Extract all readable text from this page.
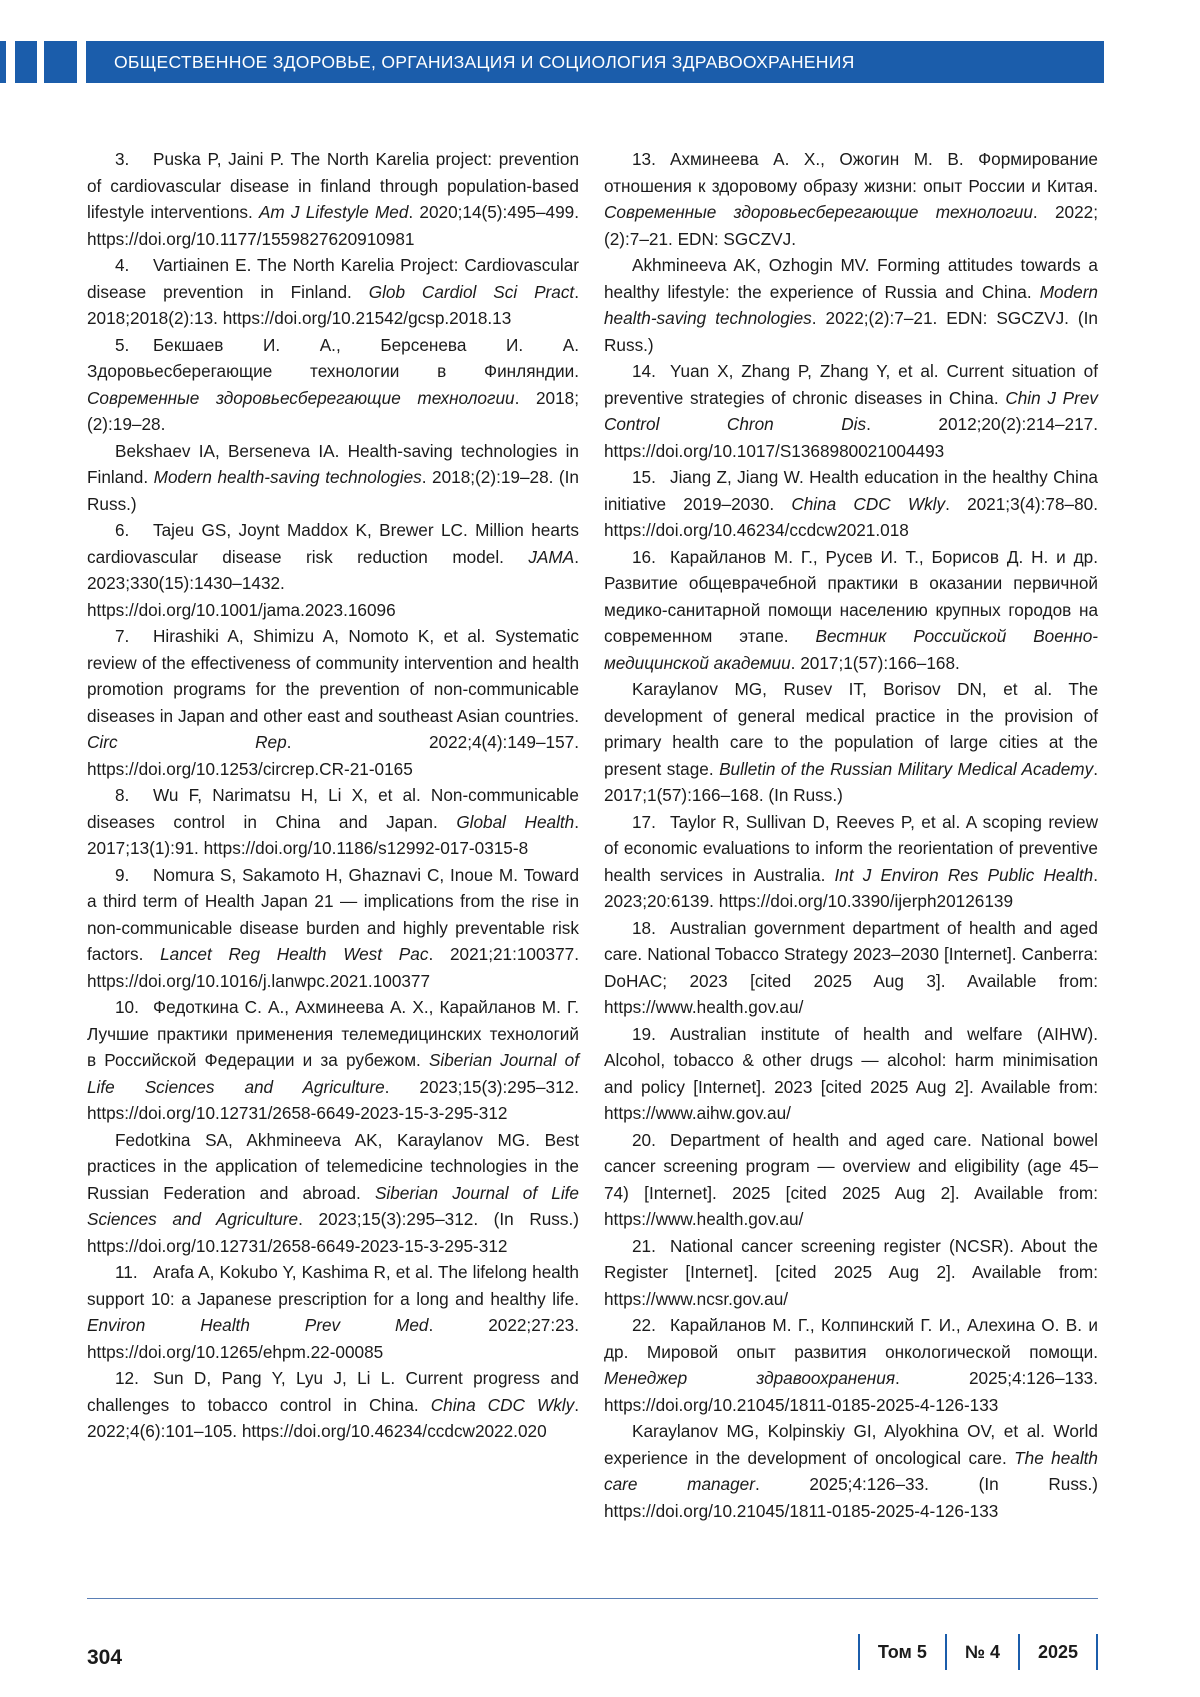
ОБЩЕСТВЕННОЕ ЗДОРОВЬЕ, ОРГАНИЗАЦИЯ И СОЦИОЛОГИЯ ЗДРАВООХРАНЕНИЯ

3. Puska P, Jaini P. The North Karelia project: prevention of cardiovascular disease in finland through population-based lifestyle interventions. Am J Lifestyle Med. 2020;14(5):495–499. https://doi.org/10.1177/1559827620910981

4. Vartiainen E. The North Karelia Project: Cardiovascular disease prevention in Finland. Glob Cardiol Sci Pract. 2018;2018(2):13. https://doi.org/10.21542/gcsp.2018.13

5. Бекшаев И. А., Берсенева И. А. Здоровьесберегающие технологии в Финляндии. Современные здоровьесберегающие технологии. 2018;(2):19–28.

Bekshaev IA, Berseneva IA. Health-saving technologies in Finland. Modern health-saving technologies. 2018;(2):19–28. (In Russ.)

6. Tajeu GS, Joynt Maddox K, Brewer LC. Million hearts cardiovascular disease risk reduction model. JAMA. 2023;330(15):1430–1432. https://doi.org/10.1001/jama.2023.16096

7. Hirashiki A, Shimizu A, Nomoto K, et al. Systematic review of the effectiveness of community intervention and health promotion programs for the prevention of non-communicable diseases in Japan and other east and southeast Asian countries. Circ Rep. 2022;4(4):149–157. https://doi.org/10.1253/circrep.CR-21-0165

8. Wu F, Narimatsu H, Li X, et al. Non-communicable diseases control in China and Japan. Global Health. 2017;13(1):91. https://doi.org/10.1186/s12992-017-0315-8

9. Nomura S, Sakamoto H, Ghaznavi C, Inoue M. Toward a third term of Health Japan 21 — implications from the rise in non-communicable disease burden and highly preventable risk factors. Lancet Reg Health West Pac. 2021;21:100377. https://doi.org/10.1016/j.lanwpc.2021.100377

10. Федоткина С. А., Ахминеева А. Х., Карайланов М. Г. Лучшие практики применения телемедицинских технологий в Российской Федерации и за рубежом. Siberian Journal of Life Sciences and Agriculture. 2023;15(3):295–312. https://doi.org/10.12731/2658-6649-2023-15-3-295-312

Fedotkina SA, Akhmineeva AK, Karaylanov MG. Best practices in the application of telemedicine technologies in the Russian Federation and abroad. Siberian Journal of Life Sciences and Agriculture. 2023;15(3):295–312. (In Russ.) https://doi.org/10.12731/2658-6649-2023-15-3-295-312

11. Arafa A, Kokubo Y, Kashima R, et al. The lifelong health support 10: a Japanese prescription for a long and healthy life. Environ Health Prev Med. 2022;27:23. https://doi.org/10.1265/ehpm.22-00085

12. Sun D, Pang Y, Lyu J, Li L. Current progress and challenges to tobacco control in China. China CDC Wkly. 2022;4(6):101–105. https://doi.org/10.46234/ccdcw2022.020

13. Ахминеева А. Х., Ожогин М. В. Формирование отношения к здоровому образу жизни: опыт России и Китая. Современные здоровьесберегающие технологии. 2022;(2):7–21. EDN: SGCZVJ.

Akhmineeva AK, Ozhogin MV. Forming attitudes towards a healthy lifestyle: the experience of Russia and China. Modern health-saving technologies. 2022;(2):7–21. EDN: SGCZVJ. (In Russ.)

14. Yuan X, Zhang P, Zhang Y, et al. Current situation of preventive strategies of chronic diseases in China. Chin J Prev Control Chron Dis. 2012;20(2):214–217. https://doi.org/10.1017/S1368980021004493

15. Jiang Z, Jiang W. Health education in the healthy China initiative 2019–2030. China CDC Wkly. 2021;3(4):78–80. https://doi.org/10.46234/ccdcw2021.018

16. Карайланов М. Г., Русев И. Т., Борисов Д. Н. и др. Развитие общеврачебной практики в оказании первичной медико-санитарной помощи населению крупных городов на современном этапе. Вестник Российской Военно-медицинской академии. 2017;1(57):166–168.

Karaylanov MG, Rusev IT, Borisov DN, et al. The development of general medical practice in the provision of primary health care to the population of large cities at the present stage. Bulletin of the Russian Military Medical Academy. 2017;1(57):166–168. (In Russ.)

17. Taylor R, Sullivan D, Reeves P, et al. A scoping review of economic evaluations to inform the reorientation of preventive health services in Australia. Int J Environ Res Public Health. 2023;20:6139. https://doi.org/10.3390/ijerph20126139

18. Australian government department of health and aged care. National Tobacco Strategy 2023–2030 [Internet]. Canberra: DoHAC; 2023 [cited 2025 Aug 3]. Available from: https://www.health.gov.au/

19. Australian institute of health and welfare (AIHW). Alcohol, tobacco & other drugs — alcohol: harm minimisation and policy [Internet]. 2023 [cited 2025 Aug 2]. Available from: https://www.aihw.gov.au/

20. Department of health and aged care. National bowel cancer screening program — overview and eligibility (age 45–74) [Internet]. 2025 [cited 2025 Aug 2]. Available from: https://www.health.gov.au/

21. National cancer screening register (NCSR). About the Register [Internet]. [cited 2025 Aug 2]. Available from: https://www.ncsr.gov.au/

22. Карайланов М. Г., Колпинский Г. И., Алехина О. В. и др. Мировой опыт развития онкологической помощи. Менеджер здравоохранения. 2025;4:126–133. https://doi.org/10.21045/1811-0185-2025-4-126-133

Karaylanov MG, Kolpinskiy GI, Alyokhina OV, et al. World experience in the development of oncological care. The health care manager. 2025;4:126–33. (In Russ.) https://doi.org/10.21045/1811-0185-2025-4-126-133

304	Том 5	№ 4	2025
